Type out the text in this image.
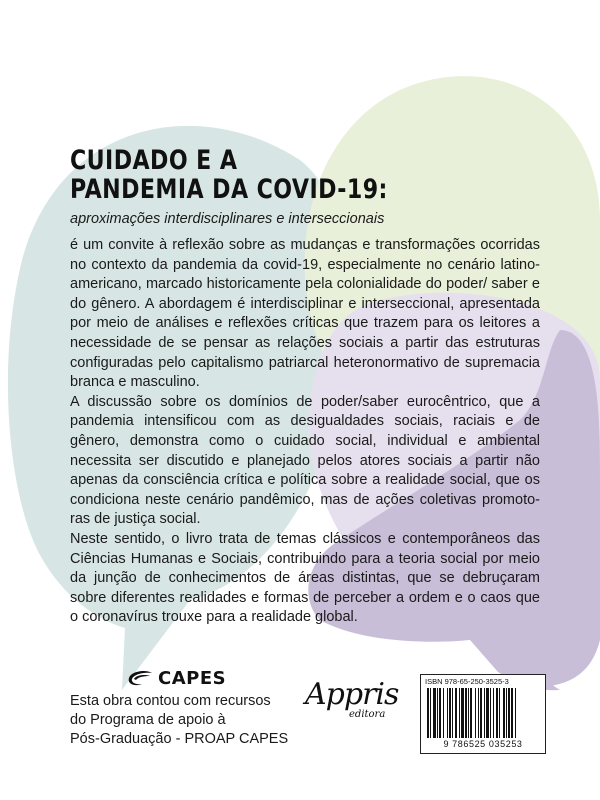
CUIDADO E A
PANDEMIA DA COVID-19:

aproximações interdisciplinares e interseccionais

é um convite à reflexão sobre as mudanças e transformações ocorridas no contexto da pandemia da covid-19, especialmente no cenário latino-americano, marcado historicamente pela colonialidade do poder/ saber e do gênero. A abordagem é interdisciplinar e interseccional, apresentada por meio de análises e reflexões críticas que trazem para os leitores a necessidade de se pensar as relações sociais a partir das estruturas configuradas pelo capitalismo patriarcal heteronormativo de supremacia branca e masculino.

A discussão sobre os domínios de poder/saber eurocêntrico, que a pandemia intensificou com as desigualdades sociais, raciais e de gênero, demonstra como o cuidado social, individual e ambiental necessita ser discutido e planejado pelos atores sociais a partir não apenas da consciência crítica e política sobre a realidade social, que os condiciona neste cenário pandêmico, mas de ações coletivas promoto-ras de justiça social.

Neste sentido, o livro trata de temas clássicos e contemporâneos das Ciências Humanas e Sociais, contribuindo para a teoria social por meio da junção de conhecimentos de áreas distintas, que se debruçaram sobre diferentes realidades e formas de perceber a ordem e o caos que o coronavírus trouxe para a realidade global.

CAPES

Esta obra contou com recursos
do Programa de apoio à
Pós-Graduação - PROAP CAPES

Appris
editora
ISBN 978-65-250-3525-3
9 786525 035253
